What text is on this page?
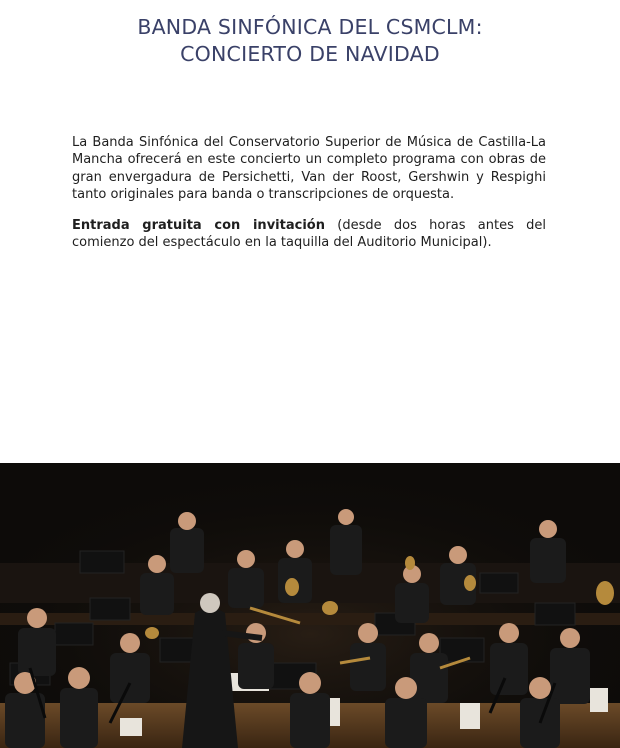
BANDA SINFÓNICA DEL CSMCLM:
CONCIERTO DE NAVIDAD

La Banda Sinfónica del Conservatorio Superior de Música de Castilla-La Mancha ofrecerá en este concierto un completo programa con obras de gran envergadura de Persichetti, Van der Roost, Gershwin y Respighi tanto originales para banda o transcripciones de orquesta.

Entrada gratuita con invitación (desde dos horas antes del comienzo del espectáculo en la taquilla del Auditorio Municipal).
